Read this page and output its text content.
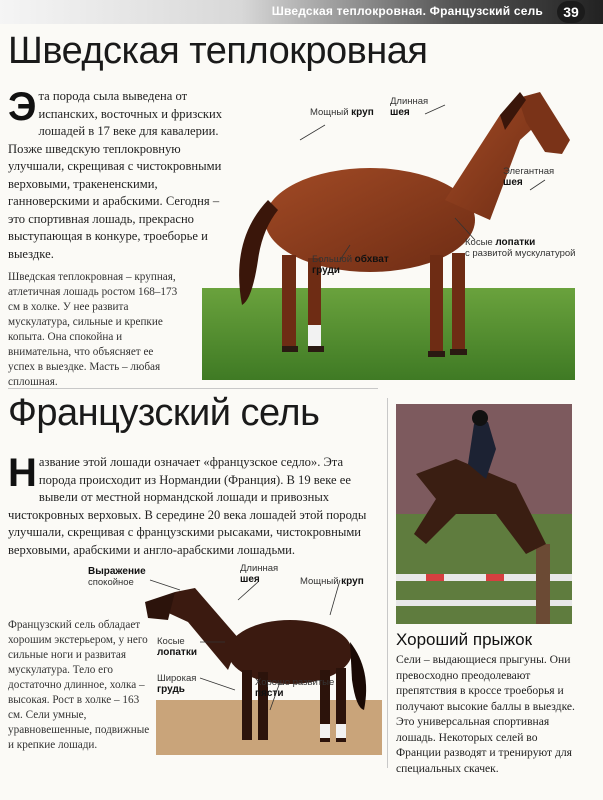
Шведская теплокровная. Французский сель	39
Шведская теплокровная
Эта порода сыла выведена от испанских, восточных и фризских лошадей в 17 веке для кавалерии. Позже шведскую теплокровную улучшали, скрещивая с чистокровными верховыми, тракененскими, ганноверскими и арабскими. Сегодня – это спортивная лошадь, прекрасно выступающая в конкуре, троеборье и выездке.
Шведская теплокровная – крупная, атлетичная лошадь ростом 168–173 см в холке. У нее развита мускулатура, сильные и крепкие копыта. Она спокойна и внимательна, что объясняет ее успех в выездке. Масть – любая сплошная.
Мощный круп
Длинная
шея
Элегантная
шея
Косые лопатки
с развитой мускулатурой
Большой обхват
груди
Французский сель
Название этой лошади означает «французское седло». Эта порода происходит из Нормандии (Франция). В 19 веке ее вывели от местной нормандской лошади и привозных чистокровных верховых. В середине 20 века лошадей этой породы улучшали, скрещивая с французскими рысаками, чистокровными верховыми, арабскими и англо-арабскими лошадьми.
Французский сель обладает хорошим экстерьером, у него сильные ноги и развитая мускулатура. Тело его достаточно длинное, холка – высокая. Рост в холке – 163 см. Сели умные, уравновешенные, подвижные и крепкие лошади.
Выражение
спокойное
Длинная
шея	Мощный круп
Косые
лопатки
Широкая
грудь
Хорошо развитые
пясти
Хороший прыжок
Сели – выдающиеся прыгуны. Они превосходно преодолевают препятствия в кроссе троеборья и получают высокие баллы в выездке. Это универсальная спортивная лошадь. Некоторых селей во Франции разводят и тренируют для специальных скачек.
